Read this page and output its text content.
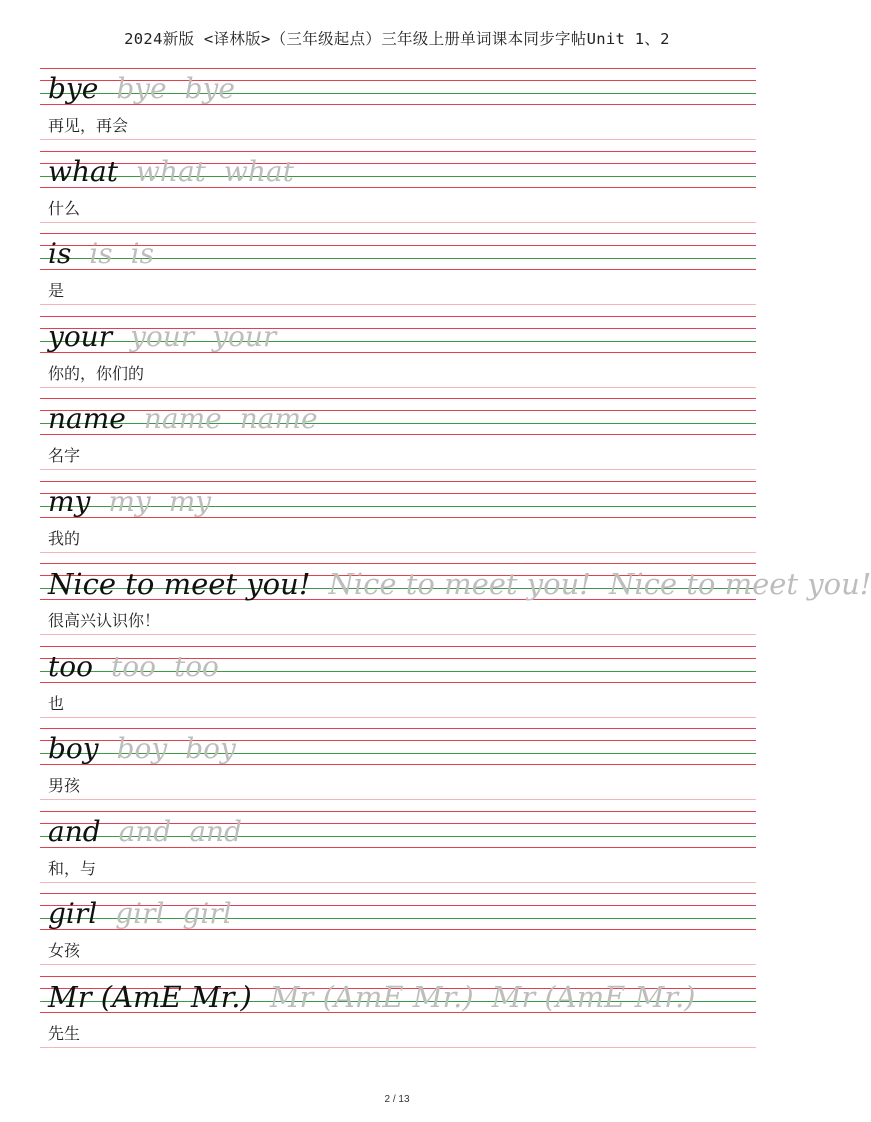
2024新版 <译林版>（三年级起点）三年级上册单词课本同步字帖Unit 1、2
bye bye bye
再见，再会
what what what
什么
is is is
是
your your your
你的，你们的
name name name
名字
my my my
我的
Nice to meet you! Nice to meet you! Nice to meet you!
很高兴认识你！
too too too
也
boy boy boy
男孩
and and and
和，与
girl girl girl
女孩
Mr (AmE Mr.) Mr (AmE Mr.) Mr (AmE Mr.)
先生
2 / 13
